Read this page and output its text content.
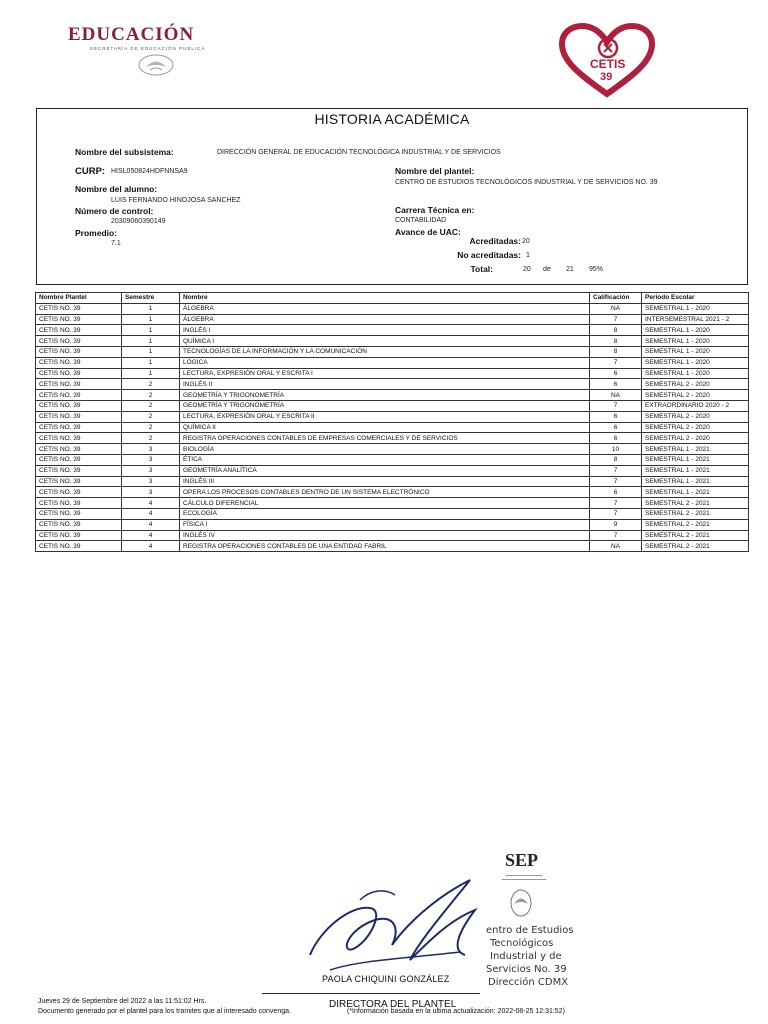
EDUCACIÓN
SECRETARÍA DE EDUCACIÓN PÚBLICA
CETIS
39
HISTORIA ACADÉMICA
Nombre del subsistema:	DIRECCIÓN GENERAL DE EDUCACIÓN TECNOLÓGICA INDUSTRIAL Y DE SERVICIOS
CURP: HISL050824HDFNNSA9
Nombre del alumno:
LUIS FERNANDO HINOJOSA SANCHEZ
Número de control:
20309060390149
Promedio:
7.1
Nombre del plantel:
CENTRO DE ESTUDIOS TECNOLÓGICOS INDUSTRIAL Y DE SERVICIOS NO. 39
Carrera Técnica en:
CONTABILIDAD
Avance de UAC:
Acreditadas: 20
No acreditadas: 1
Total:	20 de 21 95%
Nombre Plantel	Semestre	Nombre	Calificación	Periodo Escolar
CETIS NO. 39	1	ÁLGEBRA	NA	SEMESTRAL 1 - 2020
CETIS NO. 39	1	ÁLGEBRA	7	INTERSEMESTRAL 2021 - 2
CETIS NO. 39	1	INGLÉS I	8	SEMESTRAL 1 - 2020
CETIS NO. 39	1	QUÍMICA I	8	SEMESTRAL 1 - 2020
CETIS NO. 39	1	TECNOLOGÍAS DE LA INFORMACIÓN Y LA COMUNICACIÓN	8	SEMESTRAL 1 - 2020
CETIS NO. 39	1	LÓGICA	7	SEMESTRAL 1 - 2020
CETIS NO. 39	1	LECTURA, EXPRESIÓN ORAL Y ESCRITA I	6	SEMESTRAL 1 - 2020
CETIS NO. 39	2	INGLÉS II	6	SEMESTRAL 2 - 2020
CETIS NO. 39	2	GEOMETRÍA Y TRIGONOMETRÍA	NA	SEMESTRAL 2 - 2020
CETIS NO. 39	2	GEOMETRÍA Y TRIGONOMETRÍA	7	EXTRAORDINARIO 2020 - 2
CETIS NO. 39	2	LECTURA, EXPRESIÓN ORAL Y ESCRITA II	6	SEMESTRAL 2 - 2020
CETIS NO. 39	2	QUÍMICA II	6	SEMESTRAL 2 - 2020
CETIS NO. 39	2	REGISTRA OPERACIONES CONTABLES DE EMPRESAS COMERCIALES Y DE SERVICIOS	6	SEMESTRAL 2 - 2020
CETIS NO. 39	3	BIOLOGÍA	10	SEMESTRAL 1 - 2021
CETIS NO. 39	3	ÉTICA	8	SEMESTRAL 1 - 2021
CETIS NO. 39	3	GEOMETRÍA ANALÍTICA	7	SEMESTRAL 1 - 2021
CETIS NO. 39	3	INGLÉS III	7	SEMESTRAL 1 - 2021
CETIS NO. 39	3	OPERA LOS PROCESOS CONTABLES DENTRO DE UN SISTEMA ELECTRÓNICO	6	SEMESTRAL 1 - 2021
CETIS NO. 39	4	CÁLCULO DIFERENCIAL	7	SEMESTRAL 2 - 2021
CETIS NO. 39	4	ECOLOGÍA	7	SEMESTRAL 2 - 2021
CETIS NO. 39	4	FÍSICA I	9	SEMESTRAL 2 - 2021
CETIS NO. 39	4	INGLÉS IV	7	SEMESTRAL 2 - 2021
CETIS NO. 39	4	REGISTRA OPERACIONES CONTABLES DE UNA ENTIDAD FABRIL	NA	SEMESTRAL 2 - 2021
SEP
entro de Estudios
Tecnológicos
Industrial y de
Servicios No. 39
Dirección CDMX
PAOLA CHIQUINI GONZÁLEZ
DIRECTORA DEL PLANTEL
Jueves 29 de Septiembre del 2022 a las 11:51:02 Hrs.
Documento generado por el plantel para los tramites que al interesado convenga.	(*Información basada en la ultima actualización: 2022-08-25 12:31:52)
